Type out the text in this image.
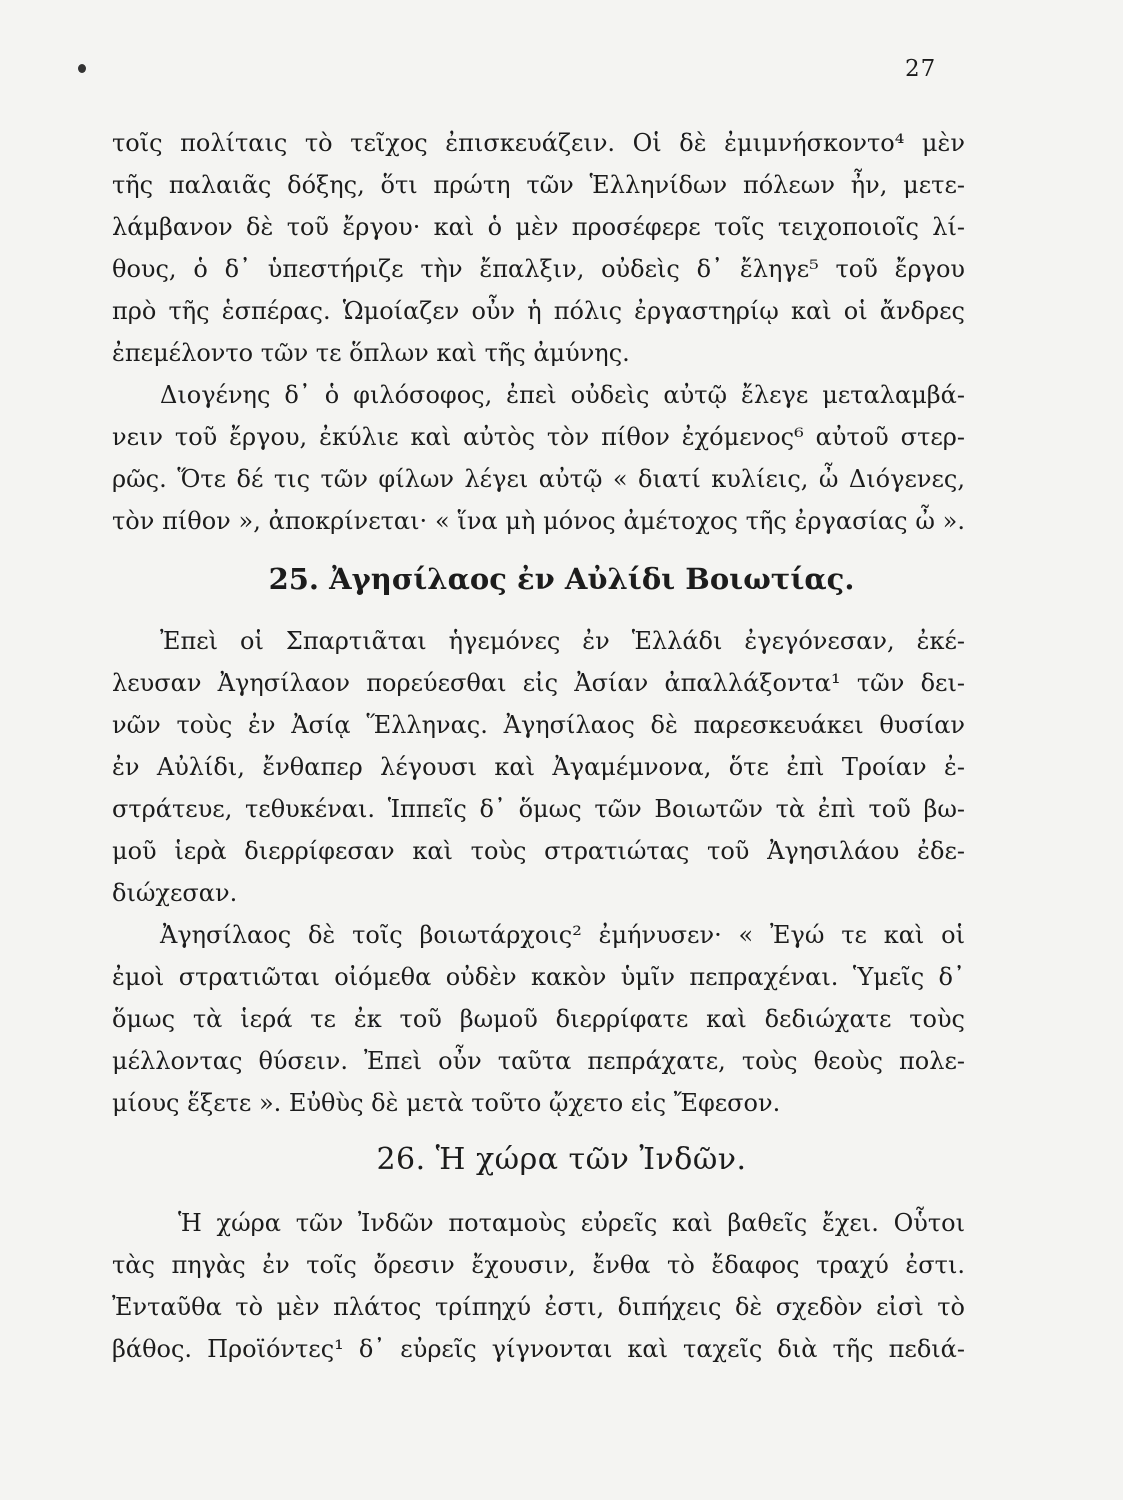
27
τοῖς πολίταις τὸ τεῖχος ἐπισκευάζειν. Οἱ δὲ ἐμιμνήσκοντο⁴ μὲν
τῆς παλαιᾶς δόξης, ὅτι πρώτη τῶν Ἑλληνίδων πόλεων ἦν, μετε-
λάμβανον δὲ τοῦ ἔργου· καὶ ὁ μὲν προσέφερε τοῖς τειχοποιοῖς λί-
θους, ὁ δ᾿ ὑπεστήριζε τὴν ἔπαλξιν, οὐδεὶς δ᾿ ἔληγε⁵ τοῦ ἔργου
πρὸ τῆς ἑσπέρας. Ὡμοίαζεν οὖν ἡ πόλις ἐργαστηρίῳ καὶ οἱ ἄνδρες
ἐπεμέλοντο τῶν τε ὅπλων καὶ τῆς ἀμύνης.
Διογένης δ᾿ ὁ φιλόσοφος, ἐπεὶ οὐδεὶς αὐτῷ ἔλεγε μεταλαμβά-
νειν τοῦ ἔργου, ἐκύλιε καὶ αὐτὸς τὸν πίθον ἐχόμενος⁶ αὐτοῦ στερ-
ρῶς. Ὅτε δέ τις τῶν φίλων λέγει αὐτῷ « διατί κυλίεις, ὦ Διόγενες,
τὸν πίθον », ἀποκρίνεται· « ἵνα μὴ μόνος ἀμέτοχος τῆς ἐργασίας ὦ ».
25. Ἀγησίλαος ἐν Αὐλίδι Βοιωτίας.
Ἐπεὶ οἱ Σπαρτιᾶται ἡγεμόνες ἐν Ἑλλάδι ἐγεγόνεσαν, ἐκέ-
λευσαν Ἀγησίλαον πορεύεσθαι εἰς Ἀσίαν ἀπαλλάξοντα¹ τῶν δει-
νῶν τοὺς ἐν Ἀσίᾳ Ἕλληνας. Ἀγησίλαος δὲ παρεσκευάκει θυσίαν
ἐν Αὐλίδι, ἔνθαπερ λέγουσι καὶ Ἀγαμέμνονα, ὅτε ἐπὶ Τροίαν ἐ-
στράτευε, τεθυκέναι. Ἱππεῖς δ᾿ ὅμως τῶν Βοιωτῶν τὰ ἐπὶ τοῦ βω-
μοῦ ἱερὰ διερρίφεσαν καὶ τοὺς στρατιώτας τοῦ Ἀγησιλάου ἐδε-
διώχεσαν.
Ἀγησίλαος δὲ τοῖς βοιωτάρχοις² ἐμήνυσεν· « Ἐγώ τε καὶ οἱ
ἐμοὶ στρατιῶται οἰόμεθα οὐδὲν κακὸν ὑμῖν πεπραχέναι. Ὑμεῖς δ᾿
ὅμως τὰ ἱερά τε ἐκ τοῦ βωμοῦ διερρίφατε καὶ δεδιώχατε τοὺς
μέλλοντας θύσειν. Ἐπεὶ οὖν ταῦτα πεπράχατε, τοὺς θεοὺς πολε-
μίους ἕξετε ». Εὐθὺς δὲ μετὰ τοῦτο ᾤχετο εἰς Ἔφεσον.
26. Ἡ χώρα τῶν Ἰνδῶν.
Ἡ χώρα τῶν Ἰνδῶν ποταμοὺς εὐρεῖς καὶ βαθεῖς ἔχει. Οὗτοι
τὰς πηγὰς ἐν τοῖς ὄρεσιν ἔχουσιν, ἔνθα τὸ ἔδαφος τραχύ ἐστι.
Ἐνταῦθα τὸ μὲν πλάτος τρίπηχύ ἐστι, διπήχεις δὲ σχεδὸν εἰσὶ τὸ
βάθος. Προϊόντες¹ δ᾿ εὐρεῖς γίγνονται καὶ ταχεῖς διὰ τῆς πεδιά-
